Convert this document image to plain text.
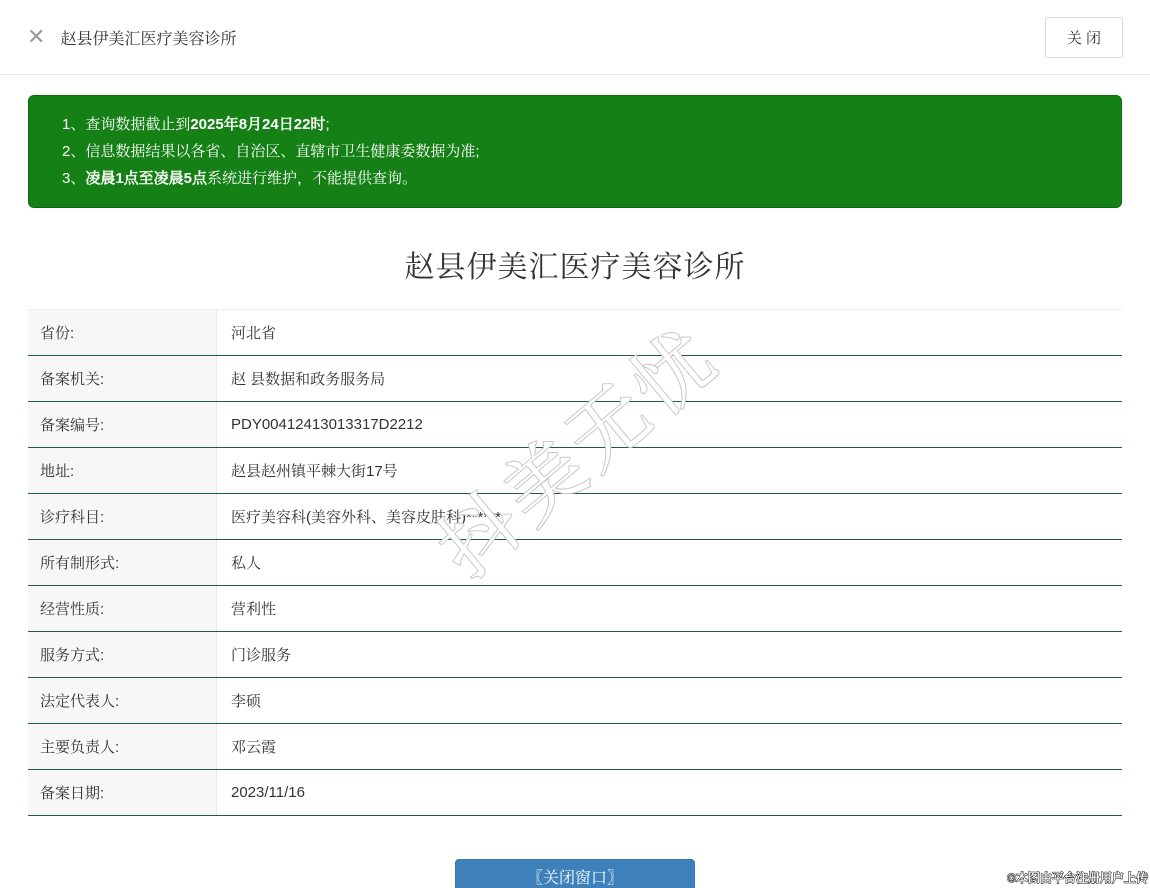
✕ 赵县伊美汇医疗美容诊所	关 闭
1、查询数据截止到2025年8月24日22时;
2、信息数据结果以各省、自治区、直辖市卫生健康委数据为准;
3、凌晨1点至凌晨5点系统进行维护，不能提供查询。
赵县伊美汇医疗美容诊所
省份:	河北省
备案机关:	赵 县数据和政务服务局
备案编号:	PDY00412413013317D2212
地址:	赵县赵州镇平棘大街17号
诊疗科目:	医疗美容科(美容外科、美容皮肤科)******
所有制形式:	私人
经营性质:	营利性
服务方式:	门诊服务
法定代表人:	李硕
主要负责人:	邓云霞
备案日期:	2023/11/16
抖美无忧
〖关闭窗口〗	©本图由平台注册用户上传
